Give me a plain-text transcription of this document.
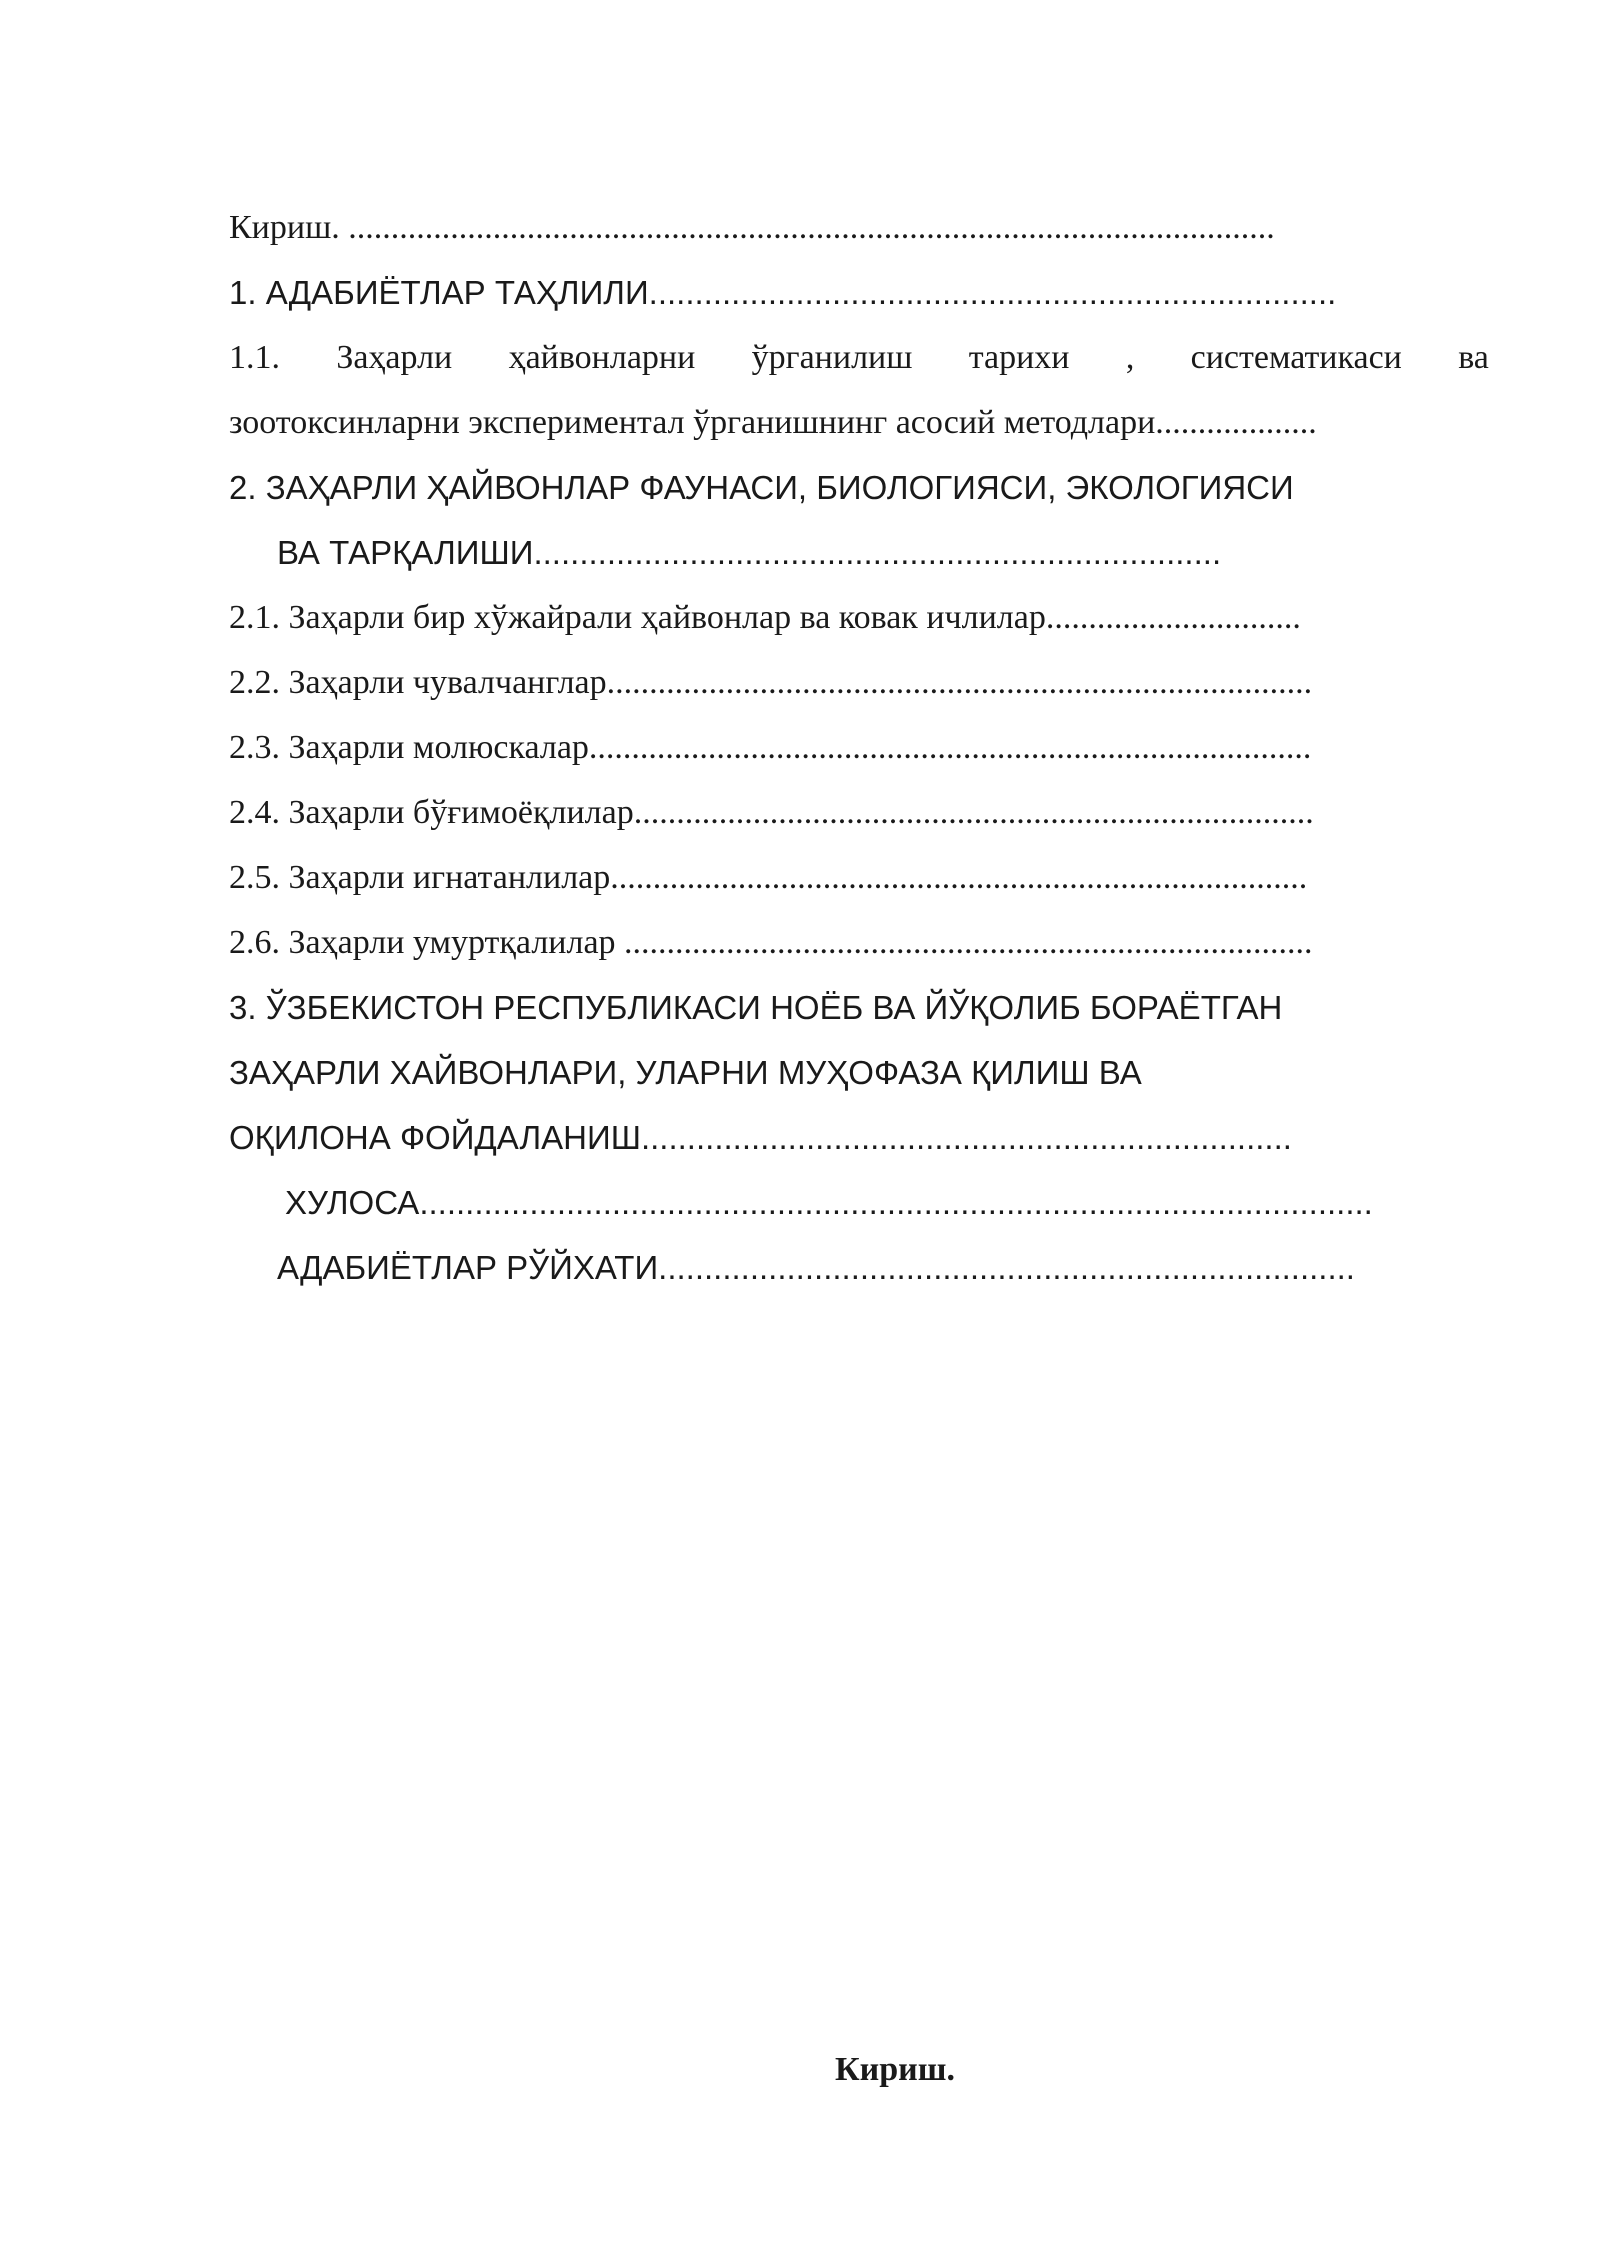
Кириш. .............................................................................................................
1. АДАБИЁТЛАР ТАҲЛИЛИ...........................................................................
1.1. Заҳарли ҳайвонларни ўрганилиш тарихи , систематикаси ва
зоотоксинларни экспериментал ўрганишнинг асосий методлари...................
2. ЗАҲАРЛИ ҲАЙВОНЛАР ФАУНАСИ, БИОЛОГИЯСИ, ЭКОЛОГИЯСИ
ВА ТАРҚАЛИШИ...........................................................................
2.1. Заҳарли бир хўжайрали ҳайвонлар ва ковак ичлилар..............................
2.2. Заҳарли чувалчанглар...................................................................................
2.3. Заҳарли молюскалар.....................................................................................
2.4. Заҳарли бўғимоёқлилар................................................................................
2.5. Заҳарли игнатанлилар..................................................................................
2.6. Заҳарли умуртқалилар .................................................................................
3. ЎЗБЕКИСТОН РЕСПУБЛИКАСИ НОЁБ ВА ЙЎҚОЛИБ БОРАЁТГАН
ЗАҲАРЛИ ХАЙВОНЛАРИ, УЛАРНИ МУҲОФАЗА ҚИЛИШ ВА
ОҚИЛОНА ФОЙДАЛАНИШ.......................................................................
ХУЛОСА........................................................................................................
АДАБИЁТЛАР РЎЙХАТИ............................................................................
Кириш.
